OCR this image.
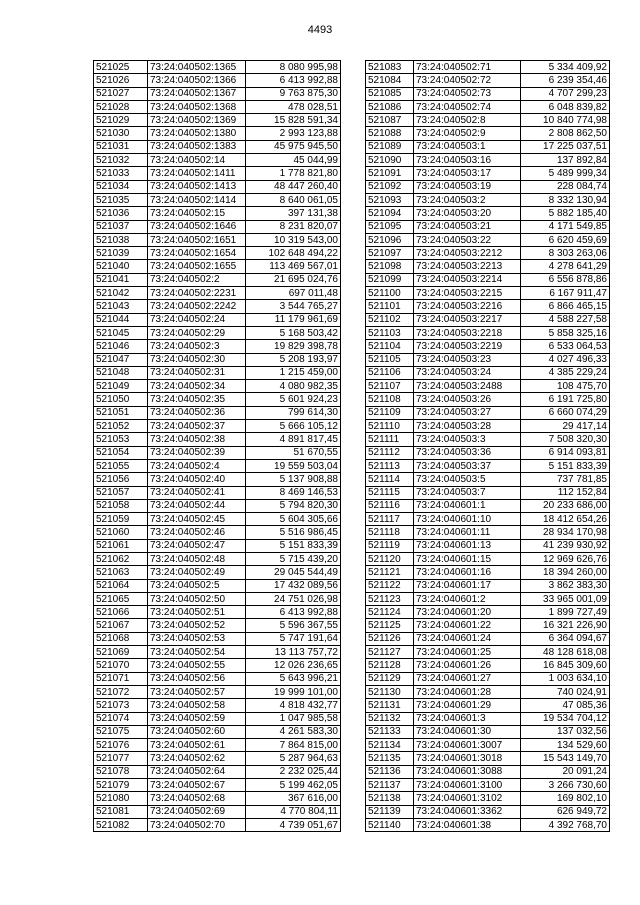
4493
521025	73:24:040502:1365	8 080 995,98
521026	73:24:040502:1366	6 413 992,88
521027	73:24:040502:1367	9 763 875,30
521028	73:24:040502:1368	478 028,51
521029	73:24:040502:1369	15 828 591,34
521030	73:24:040502:1380	2 993 123,88
521031	73:24:040502:1383	45 975 945,50
521032	73:24:040502:14	45 044,99
521033	73:24:040502:1411	1 778 821,80
521034	73:24:040502:1413	48 447 260,40
521035	73:24:040502:1414	8 640 061,05
521036	73:24:040502:15	397 131,38
521037	73:24:040502:1646	8 231 820,07
521038	73:24:040502:1651	10 319 543,00
521039	73:24:040502:1654	102 648 494,22
521040	73:24:040502:1655	113 469 567,01
521041	73:24:040502:2	21 695 024,76
521042	73:24:040502:2231	697 011,48
521043	73:24:040502:2242	3 544 765,27
521044	73:24:040502:24	11 179 961,69
521045	73:24:040502:29	5 168 503,42
521046	73:24:040502:3	19 829 398,78
521047	73:24:040502:30	5 208 193,97
521048	73:24:040502:31	1 215 459,00
521049	73:24:040502:34	4 080 982,35
521050	73:24:040502:35	5 601 924,23
521051	73:24:040502:36	799 614,30
521052	73:24:040502:37	5 666 105,12
521053	73:24:040502:38	4 891 817,45
521054	73:24:040502:39	51 670,55
521055	73:24:040502:4	19 559 503,04
521056	73:24:040502:40	5 137 908,88
521057	73:24:040502:41	8 469 146,53
521058	73:24:040502:44	5 794 820,30
521059	73:24:040502:45	5 604 305,66
521060	73:24:040502:46	5 516 986,45
521061	73:24:040502:47	5 151 833,39
521062	73:24:040502:48	5 715 439,20
521063	73:24:040502:49	29 045 544,49
521064	73:24:040502:5	17 432 089,56
521065	73:24:040502:50	24 751 026,98
521066	73:24:040502:51	6 413 992,88
521067	73:24:040502:52	5 596 367,55
521068	73:24:040502:53	5 747 191,64
521069	73:24:040502:54	13 113 757,72
521070	73:24:040502:55	12 026 236,65
521071	73:24:040502:56	5 643 996,21
521072	73:24:040502:57	19 999 101,00
521073	73:24:040502:58	4 818 432,77
521074	73:24:040502:59	1 047 985,58
521075	73:24:040502:60	4 261 583,30
521076	73:24:040502:61	7 864 815,00
521077	73:24:040502:62	5 287 964,63
521078	73:24:040502:64	2 232 025,44
521079	73:24:040502:67	5 199 462,05
521080	73:24:040502:68	367 616,00
521081	73:24:040502:69	4 770 804,11
521082	73:24:040502:70	4 739 051,67
521083	73:24:040502:71	5 334 409,92
521084	73:24:040502:72	6 239 354,46
521085	73:24:040502:73	4 707 299,23
521086	73:24:040502:74	6 048 839,82
521087	73:24:040502:8	10 840 774,98
521088	73:24:040502:9	2 808 862,50
521089	73:24:040503:1	17 225 037,51
521090	73:24:040503:16	137 892,84
521091	73:24:040503:17	5 489 999,34
521092	73:24:040503:19	228 084,74
521093	73:24:040503:2	8 332 130,94
521094	73:24:040503:20	5 882 185,40
521095	73:24:040503:21	4 171 549,85
521096	73:24:040503:22	6 620 459,69
521097	73:24:040503:2212	8 303 263,06
521098	73:24:040503:2213	4 278 641,29
521099	73:24:040503:2214	6 556 878,86
521100	73:24:040503:2215	6 167 911,47
521101	73:24:040503:2216	6 866 465,15
521102	73:24:040503:2217	4 588 227,58
521103	73:24:040503:2218	5 858 325,16
521104	73:24:040503:2219	6 533 064,53
521105	73:24:040503:23	4 027 496,33
521106	73:24:040503:24	4 385 229,24
521107	73:24:040503:2488	108 475,70
521108	73:24:040503:26	6 191 725,80
521109	73:24:040503:27	6 660 074,29
521110	73:24:040503:28	29 417,14
521111	73:24:040503:3	7 508 320,30
521112	73:24:040503:36	6 914 093,81
521113	73:24:040503:37	5 151 833,39
521114	73:24:040503:5	737 781,85
521115	73:24:040503:7	112 152,84
521116	73:24:040601:1	20 233 686,00
521117	73:24:040601:10	18 412 654,26
521118	73:24:040601:11	28 934 170,98
521119	73:24:040601:13	41 239 930,92
521120	73:24:040601:15	12 969 626,76
521121	73:24:040601:16	18 394 260,00
521122	73:24:040601:17	3 862 383,30
521123	73:24:040601:2	33 965 001,09
521124	73:24:040601:20	1 899 727,49
521125	73:24:040601:22	16 321 226,90
521126	73:24:040601:24	6 364 094,67
521127	73:24:040601:25	48 128 618,08
521128	73:24:040601:26	16 845 309,60
521129	73:24:040601:27	1 003 634,10
521130	73:24:040601:28	740 024,91
521131	73:24:040601:29	47 085,36
521132	73:24:040601:3	19 534 704,12
521133	73:24:040601:30	137 032,56
521134	73:24:040601:3007	134 529,60
521135	73:24:040601:3018	15 543 149,70
521136	73:24:040601:3088	20 091,24
521137	73:24:040601:3100	3 266 730,60
521138	73:24:040601:3102	169 802,10
521139	73:24:040601:3362	626 949,72
521140	73:24:040601:38	4 392 768,70
